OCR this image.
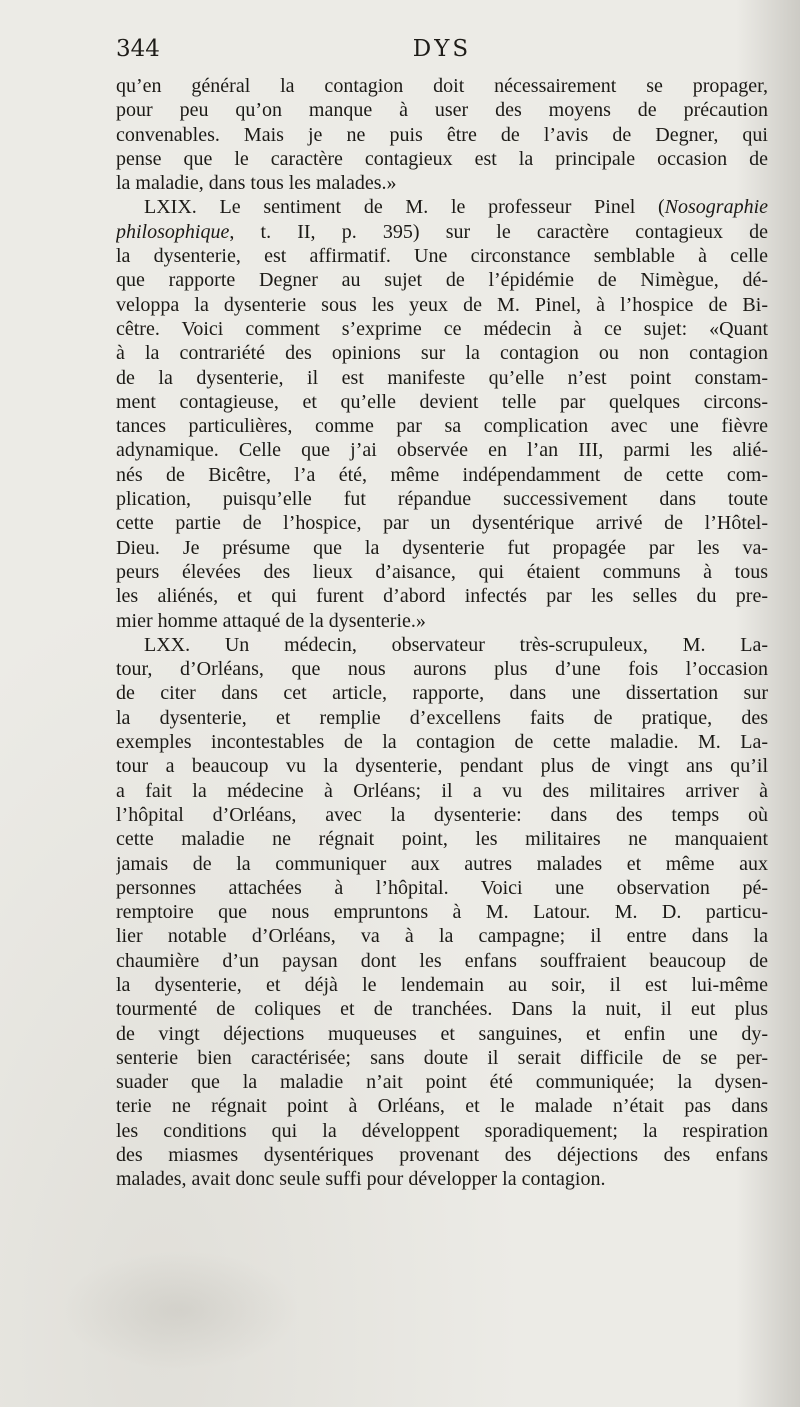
344	DYS
qu’en général la contagion doit nécessairement se propager,
pour peu qu’on manque à user des moyens de précaution
convenables. Mais je ne puis être de l’avis de Degner, qui
pense que le caractère contagieux est la principale occasion de
la maladie, dans tous les malades.»
LXIX. Le sentiment de M. le professeur Pinel (Nosographie
philosophique, t. II, p. 395) sur le caractère contagieux de
la dysenterie, est affirmatif. Une circonstance semblable à celle
que rapporte Degner au sujet de l’épidémie de Nimègue, dé-
veloppa la dysenterie sous les yeux de M. Pinel, à l’hospice de Bi-
cêtre. Voici comment s’exprime ce médecin à ce sujet: «Quant
à la contrariété des opinions sur la contagion ou non contagion
de la dysenterie, il est manifeste qu’elle n’est point constam-
ment contagieuse, et qu’elle devient telle par quelques circons-
tances particulières, comme par sa complication avec une fièvre
adynamique. Celle que j’ai observée en l’an III, parmi les alié-
nés de Bicêtre, l’a été, même indépendamment de cette com-
plication, puisqu’elle fut répandue successivement dans toute
cette partie de l’hospice, par un dysentérique arrivé de l’Hôtel-
Dieu. Je présume que la dysenterie fut propagée par les va-
peurs élevées des lieux d’aisance, qui étaient communs à tous
les aliénés, et qui furent d’abord infectés par les selles du pre-
mier homme attaqué de la dysenterie.»
LXX. Un médecin, observateur très-scrupuleux, M. La-
tour, d’Orléans, que nous aurons plus d’une fois l’occasion
de citer dans cet article, rapporte, dans une dissertation sur
la dysenterie, et remplie d’excellens faits de pratique, des
exemples incontestables de la contagion de cette maladie. M. La-
tour a beaucoup vu la dysenterie, pendant plus de vingt ans qu’il
a fait la médecine à Orléans; il a vu des militaires arriver à
l’hôpital d’Orléans, avec la dysenterie: dans des temps où
cette maladie ne régnait point, les militaires ne manquaient
jamais de la communiquer aux autres malades et même aux
personnes attachées à l’hôpital. Voici une observation pé-
remptoire que nous empruntons à M. Latour. M. D. particu-
lier notable d’Orléans, va à la campagne; il entre dans la
chaumière d’un paysan dont les enfans souffraient beaucoup de
la dysenterie, et déjà le lendemain au soir, il est lui-même
tourmenté de coliques et de tranchées. Dans la nuit, il eut plus
de vingt déjections muqueuses et sanguines, et enfin une dy-
senterie bien caractérisée; sans doute il serait difficile de se per-
suader que la maladie n’ait point été communiquée; la dysen-
terie ne régnait point à Orléans, et le malade n’était pas dans
les conditions qui la développent sporadiquement; la respiration
des miasmes dysentériques provenant des déjections des enfans
malades, avait donc seule suffi pour développer la contagion.
